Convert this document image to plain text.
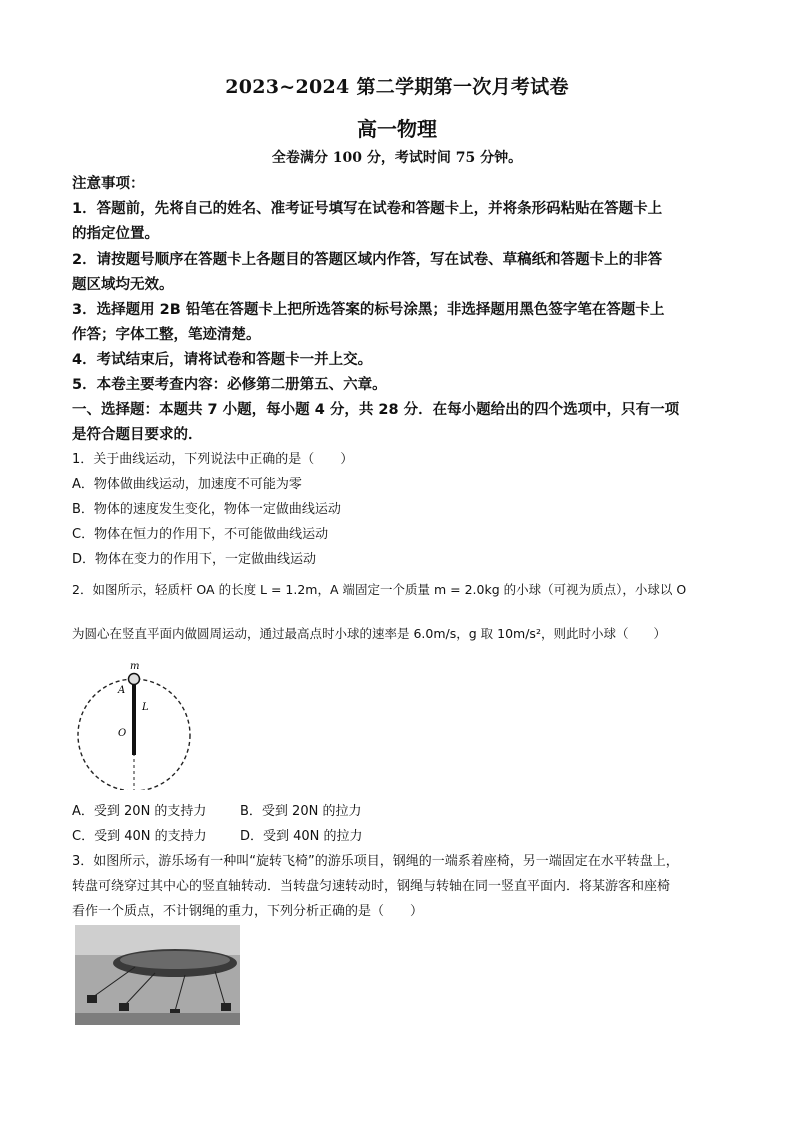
2023~2024 第二学期第一次月考试卷
高一物理
全卷满分 100 分，考试时间 75 分钟。
注意事项：
1．答题前，先将自己的姓名、准考证号填写在试卷和答题卡上，并将条形码粘贴在答题卡上
的指定位置。
2．请按题号顺序在答题卡上各题目的答题区域内作答，写在试卷、草稿纸和答题卡上的非答
题区域均无效。
3．选择题用 2B 铅笔在答题卡上把所选答案的标号涂黑；非选择题用黑色签字笔在答题卡上
作答；字体工整，笔迹清楚。
4．考试结束后，请将试卷和答题卡一并上交。
5．本卷主要考查内容：必修第二册第五、六章。
一、选择题：本题共 7 小题，每小题 4 分，共 28 分．在每小题给出的四个选项中，只有一项
是符合题目要求的．
1．关于曲线运动，下列说法中正确的是（　　）
A．物体做曲线运动，加速度不可能为零
B．物体的速度发生变化，物体一定做曲线运动
C．物体在恒力的作用下，不可能做曲线运动
D．物体在变力的作用下，一定做曲线运动
2．如图所示，轻质杆 OA 的长度 L = 1.2m，A 端固定一个质量 m = 2.0kg 的小球（可视为质点），小球以 O
为圆心在竖直平面内做圆周运动，通过最高点时小球的速率是 6.0m/s，g 取 10m/s²，则此时小球（　　）
m
A
L
O
A．受到 20N 的支持力	B．受到 20N 的拉力
C．受到 40N 的支持力	D．受到 40N 的拉力
3．如图所示，游乐场有一种叫“旋转飞椅”的游乐项目，钢绳的一端系着座椅，另一端固定在水平转盘上，
转盘可绕穿过其中心的竖直轴转动．当转盘匀速转动时，钢绳与转轴在同一竖直平面内．将某游客和座椅
看作一个质点，不计钢绳的重力，下列分析正确的是（　　）
